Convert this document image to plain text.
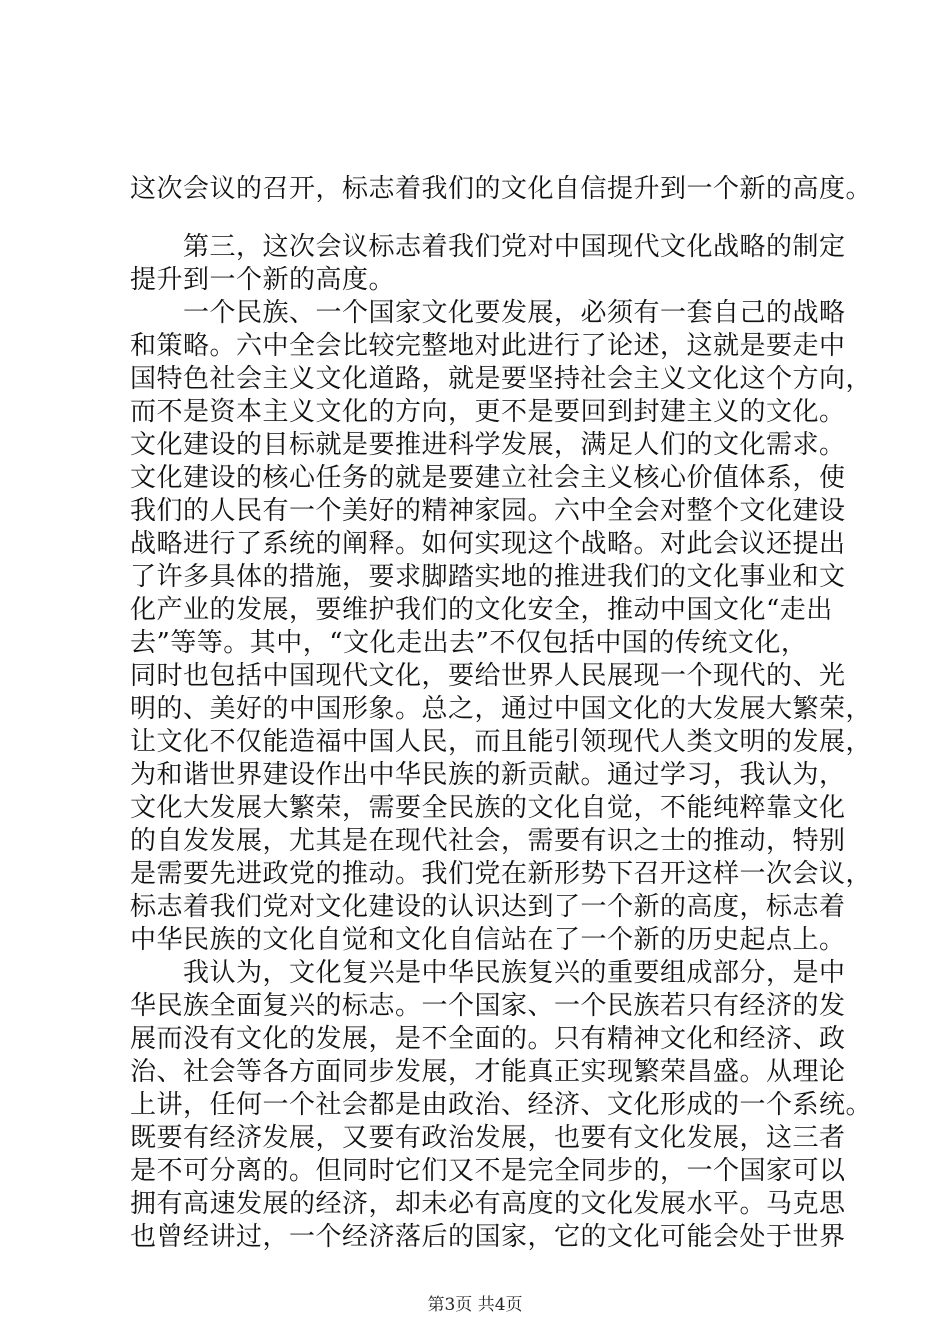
这次会议的召开，标志着我们的文化自信提升到一个新的高度。
　　第三，这次会议标志着我们党对中国现代文化战略的制定
提升到一个新的高度。
　　一个民族、一个国家文化要发展，必须有一套自己的战略
和策略。六中全会比较完整地对此进行了论述，这就是要走中
国特色社会主义文化道路，就是要坚持社会主义文化这个方向，
而不是资本主义文化的方向，更不是要回到封建主义的文化。
文化建设的目标就是要推进科学发展，满足人们的文化需求。
文化建设的核心任务的就是要建立社会主义核心价值体系，使
我们的人民有一个美好的精神家园。六中全会对整个文化建设
战略进行了系统的阐释。如何实现这个战略。对此会议还提出
了许多具体的措施，要求脚踏实地的推进我们的文化事业和文
化产业的发展，要维护我们的文化安全，推动中国文化“走出
去”等等。其中，“文化走出去”不仅包括中国的传统文化，
同时也包括中国现代文化，要给世界人民展现一个现代的、光
明的、美好的中国形象。总之，通过中国文化的大发展大繁荣，
让文化不仅能造福中国人民，而且能引领现代人类文明的发展，
为和谐世界建设作出中华民族的新贡献。通过学习，我认为，
文化大发展大繁荣，需要全民族的文化自觉，不能纯粹靠文化
的自发发展，尤其是在现代社会，需要有识之士的推动，特别
是需要先进政党的推动。我们党在新形势下召开这样一次会议，
标志着我们党对文化建设的认识达到了一个新的高度，标志着
中华民族的文化自觉和文化自信站在了一个新的历史起点上。
　　我认为，文化复兴是中华民族复兴的重要组成部分，是中
华民族全面复兴的标志。一个国家、一个民族若只有经济的发
展而没有文化的发展，是不全面的。只有精神文化和经济、政
治、社会等各方面同步发展，才能真正实现繁荣昌盛。从理论
上讲，任何一个社会都是由政治、经济、文化形成的一个系统。
既要有经济发展，又要有政治发展，也要有文化发展，这三者
是不可分离的。但同时它们又不是完全同步的，一个国家可以
拥有高速发展的经济，却未必有高度的文化发展水平。马克思
也曾经讲过，一个经济落后的国家，它的文化可能会处于世界
第3页 共4页
